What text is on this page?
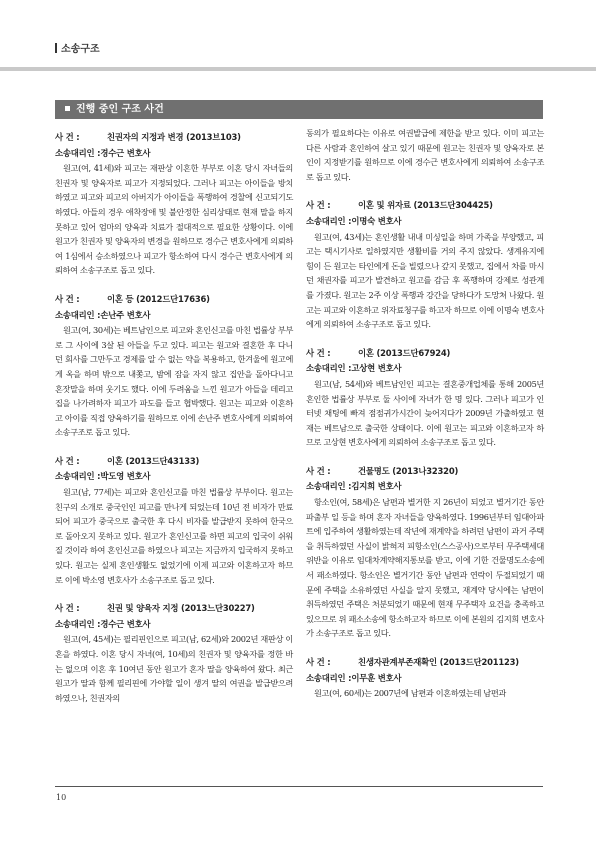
소송구조
진행 중인 구조 사건
사 건 :	친권자의 지정과 변경 (2013브103)
소송대리인 :경수근 변호사
원고(여, 41세)와 피고는 재판상 이혼한 부부로 이혼 당시 자녀들의 친권자 및 양육자로 피고가 지정되었다. 그러나 피고는 아이들을 방치하였고 피고와 피고의 아버지가 아이들을 폭행하여 경찰에 신고되기도 하였다. 아들의 경우 애착장애 및 불안정한 심리상태로 현재 말을 하지 못하고 있어 엄마의 양육과 치료가 절대적으로 필요한 상황이다. 이에 원고가 친권자 및 양육자의 변경을 원하므로 경수근 변호사에게 의뢰하여 1심에서 승소하였으나 피고가 항소하여 다시 경수근 변호사에게 의뢰하여 소송구조로 돕고 있다.
사 건 :	이혼 등 (2012드단17636)
소송대리인 :손난주 변호사
원고(여, 30세)는 베트남인으로 피고와 혼인신고를 마친 법률상 부부로 그 사이에 3살 된 아들을 두고 있다. 피고는 원고와 결혼한 후 다니던 회사를 그만두고 경제를 알 수 없는 약을 복용하고, 한겨울에 원고에게 옥을 하며 밖으로 내쫓고, 밤에 잠을 자지 않고 집안을 돌아다니고 혼잣말을 하며 웃기도 했다. 이에 두려움을 느낀 원고가 아들을 데리고 집을 나가려하자 피고가 파도를 들고 협박했다. 원고는 피고와 이혼하고 아이를 직접 양육하기를 원하므로 이에 손난주 변호사에게 의뢰하여 소송구조로 돕고 있다.
사 건 :	이혼 (2013드단43133)
소송대리인 :박도영 변호사
원고(남, 77세)는 피고와 혼인신고를 마친 법률상 부부이다. 원고는 친구의 소개로 중국인인 피고를 만나게 되었는데 10년 전 비자가 만료되어 피고가 중국으로 출국한 후 다시 비자를 발급받지 못하여 한국으로 돌아오지 못하고 있다. 원고가 혼인신고를 하면 피고의 입국이 쉬워질 것이라 하여 혼인신고를 하였으나 피고는 지금까지 입국하지 못하고 있다. 원고는 실제 혼인생활도 없었기에 이제 피고와 이혼하고자 하므로 이에 박소영 변호사가 소송구조로 돕고 있다.
사 건 :	친권 및 양육자 지정 (2013느단30227)
소송대리인 :경수근 변호사
원고(여, 45세)는 필리핀인으로 피고(남, 62세)와 2002년 재판상 이혼을 하였다. 이혼 당시 자녀(여, 10세)의 친권자 및 양육자를 정한 바는 없으며 이혼 후 10여년 동안 원고가 혼자 딸을 양육하여 왔다. 최근 원고가 딸과 함께 필리핀에 가야할 일이 생겨 딸의 여권을 발급받으려 하였으나, 친권자의
동의가 필요하다는 이유로 여권발급에 제한을 받고 있다. 이미 피고는 다른 사람과 혼인하여 살고 있기 때문에 원고는 친권자 및 양육자로 본인이 지정받기를 원하므로 이에 경수근 변호사에게 의뢰하여 소송구조로 돕고 있다.
사 건 :	이혼 및 위자료 (2013드단304425)
소송대리인 :이명숙 변호사
원고(여, 43세)는 혼인생활 내내 미싱일을 하며 가족을 부양했고, 피고는 택시기사로 일하였지만 생활비를 거의 주지 않았다. 생계유지에 힘이 든 원고는 타인에게 돈을 빌렸으나 갚지 못했고, 집에서 차를 마시던 채권자를 피고가 발견하고 원고를 감금 후 폭행하며 강제로 성관계를 가졌다. 원고는 2주 이상 폭행과 강간을 당하다가 도망쳐 나왔다. 원고는 피고와 이혼하고 위자료청구를 하고자 하므로 이에 이명숙 변호사에게 의뢰하여 소송구조로 돕고 있다.
사 건 :	이혼 (2013드단67924)
소송대리인 :고상현 변호사
원고(남, 54세)와 베트남인인 피고는 결혼중개업체를 통해 2005년 혼인한 법률상 부부로 둘 사이에 자녀가 한 명 있다. 그러나 피고가 인터넷 채팅에 빠져 점점귀가시간이 늦어지다가 2009년 가출하였고 현재는 베트남으로 출국한 상태이다. 이에 원고는 피고와 이혼하고자 하므로 고상현 변호사에게 의뢰하여 소송구조로 돕고 있다.
사 건 :	건물명도 (2013나32320)
소송대리인 :김지희 변호사
항소인(여, 58세)은 남편과 별거한 지 26년이 되었고 별거기간 동안 파출부 일 등을 하며 혼자 자녀들을 양육하였다. 1996년부터 임대아파트에 입주하여 생활하였는데 작년에 재계약을 하려던 남편이 과거 주택을 취득하였던 사실이 밝혀져 피항소인(스스공사)으로부터 무주택세대 위반을 이유로 임대차계약해지통보를 받고, 이에 기한 건물명도소송에서 패소하였다. 항소인은 별거기간 동안 남편과 연락이 두절되었기 때문에 주택을 소유하였던 사실을 알지 못했고, 재계약 당시에는 남편이 취득하였던 주택은 처분되었기 때문에 현재 무주택자 요건을 충족하고 있으므로 위 패소소송에 항소하고자 하므로 이에 본원의 김지희 변호사가 소송구조로 돕고 있다.
사 건 :	친생자관계부존재확인 (2013드단201123)
소송대리인 :이무훈 변호사
원고(여, 60세)는 2007년에 남편과 이혼하였는데 남편과
10
